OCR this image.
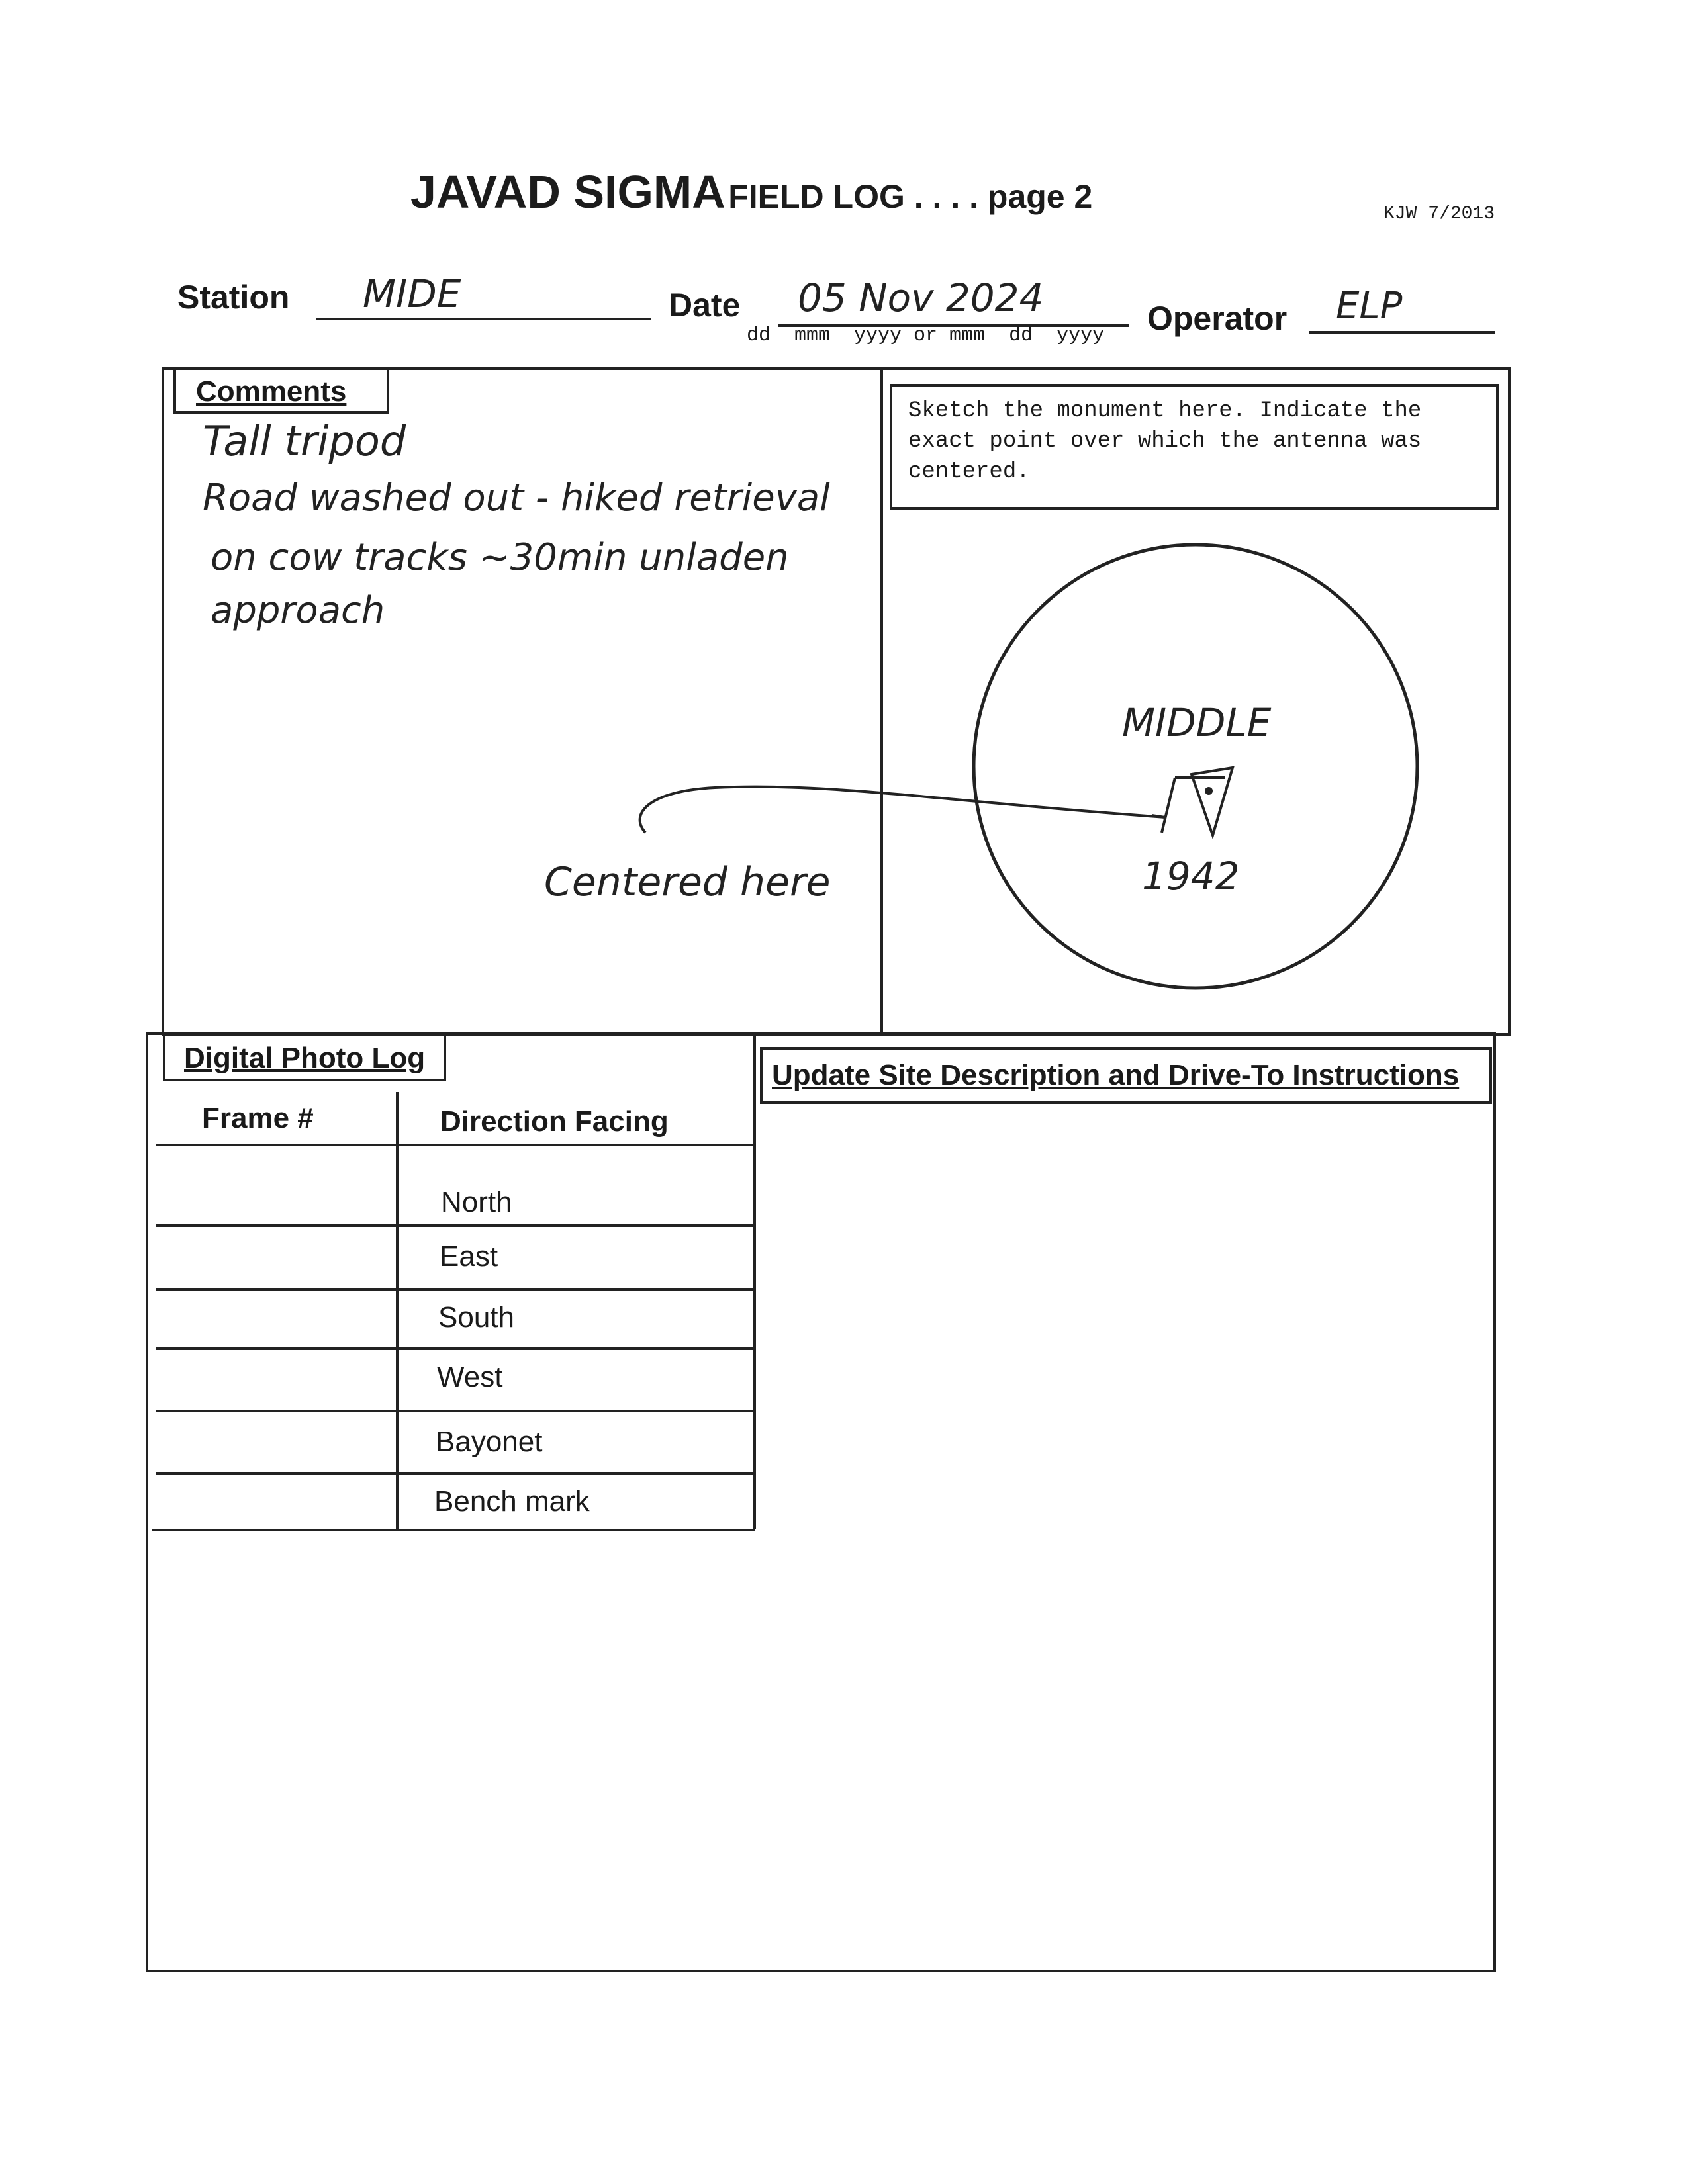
JAVAD SIGMA FIELD LOG . . . . page 2	KJW 7/2013
Station MIDE	Date 05 Nov 2024
dd  mmm  yyyy or mmm  dd  yyyy Operator ELP
Comments
Tall tripod
Road washed out - hiked retrieval
on cow tracks ~30min unladen
approach
Sketch the monument here. Indicate the exact point over which the antenna was centered.
MIDDLE
1942
Centered here
Digital Photo Log
Frame #	Direction Facing
North
East
South
West
Bayonet
Bench mark
Update Site Description and Drive-To Instructions
